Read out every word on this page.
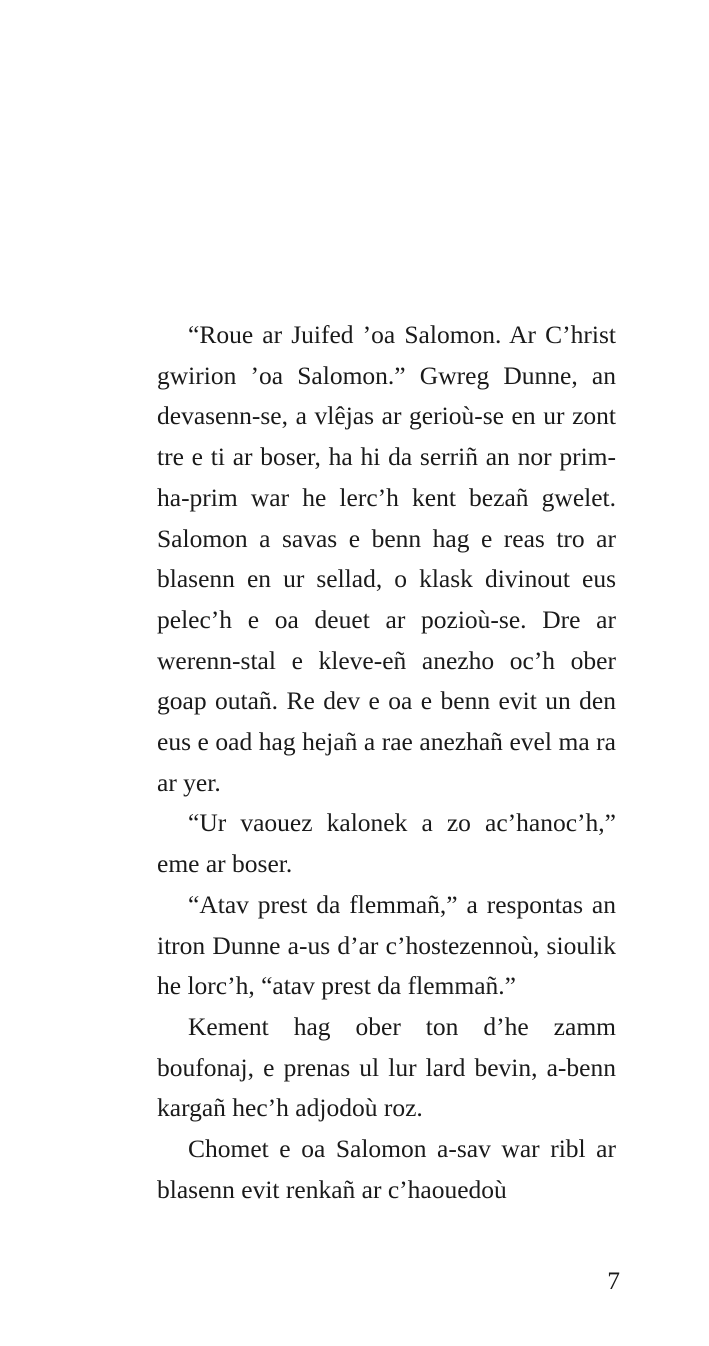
“Roue ar Juifed ’oa Salomon. Ar C’hrist gwirion ’oa Salomon.” Gwreg Dunne, an devasenn-se, a vlêjas ar gerioù-se en ur zont tre e ti ar boser, ha hi da serriñ an nor prim-ha-prim war he lerc’h kent bezañ gwelet. Salomon a savas e benn hag e reas tro ar blasenn en ur sellad, o klask divinout eus pelec’h e oa deuet ar pozioù-se. Dre ar werenn-stal e kleve-eñ anezho oc’h ober goap outañ. Re dev e oa e benn evit un den eus e oad hag hejañ a rae anezhañ evel ma ra ar yer.

“Ur vaouez kalonek a zo ac’hanoc’h,” eme ar boser.

“Atav prest da flemmañ,” a respontas an itron Dunne a-us d’ar c’hostezennoù, sioulik he lorc’h, “atav prest da flemmañ.”

Kement hag ober ton d’he zamm boufonaj, e prenas ul lur lard bevin, a-benn kargañ hec’h adjodoù roz.

Chomet e oa Salomon a-sav war ribl ar blasenn evit renkañ ar c’haouedoù

7
